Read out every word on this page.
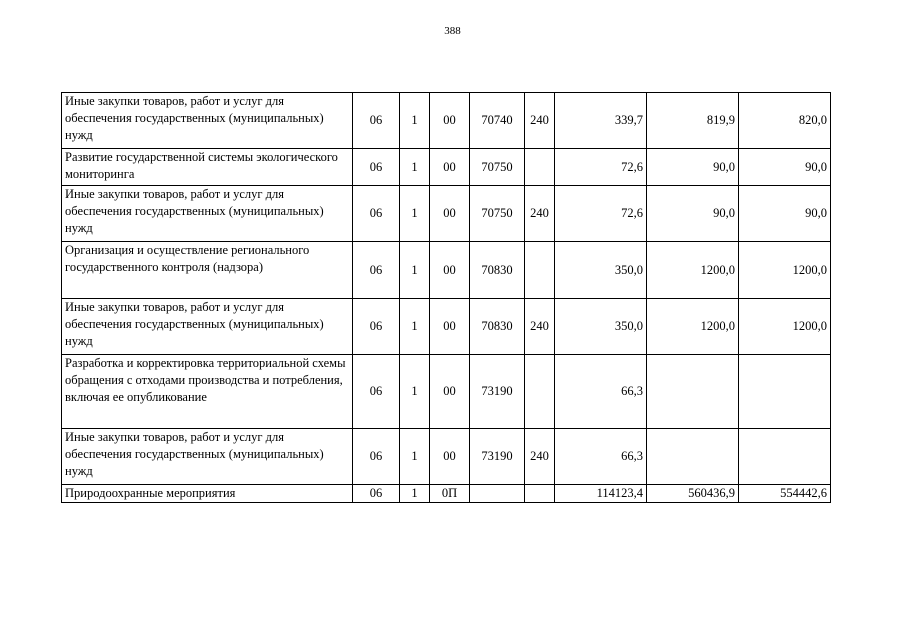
388
Иные закупки товаров, работ и услуг для обеспечения государственных (муниципальных) нужд	06	1	00	70740	240	339,7	819,9	820,0
Развитие государственной системы экологического мониторинга	06	1	00	70750		72,6	90,0	90,0
Иные закупки товаров, работ и услуг для обеспечения государственных (муниципальных) нужд	06	1	00	70750	240	72,6	90,0	90,0
Организация и осуществление регионального государственного контроля (надзора)	06	1	00	70830		350,0	1200,0	1200,0
Иные закупки товаров, работ и услуг для обеспечения государственных (муниципальных) нужд	06	1	00	70830	240	350,0	1200,0	1200,0
Разработка и корректировка территориальной схемы обращения с отходами производства и потребления, включая ее опубликование	06	1	00	73190		66,3		
Иные закупки товаров, работ и услуг для обеспечения государственных (муниципальных) нужд	06	1	00	73190	240	66,3		
Природоохранные мероприятия	06	1	0П			114123,4	560436,9	554442,6
